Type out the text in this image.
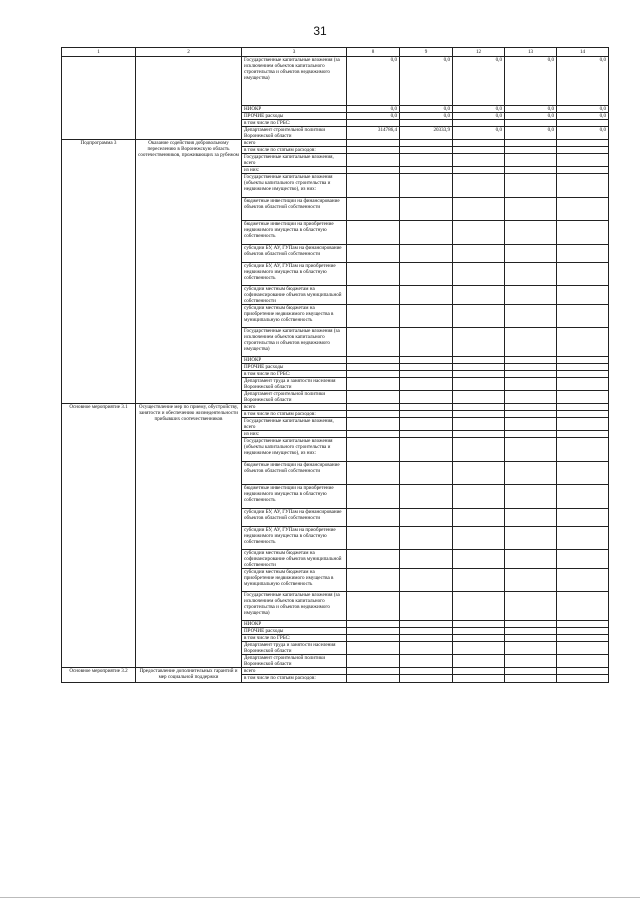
31
1	2	3	8	9	12	13	14
		Государственные капитальные вложения (за исключением объектов капитального строительства и объектов недвижимого имущества)	0,0	0,0	0,0	0,0	0,0
		НИОКР	0,0	0,0	0,0	0,0	0,0
		ПРОЧИЕ расходы	0,0	0,0	0,0	0,0	0,0
		в том числе по ГРБС:					
		Департамент строительной политики Воронежской области	314786,4	20333,9	0,0	0,0	0,0
Подпрограмма 3	Оказание содействия добровольному переселению в Воронежскую область соотечественников, проживающих за рубежом	всего					
		в том числе по статьям расходов:					
		Государственные капитальные вложения, всего					
		из них:					
		Государственные капитальные вложения (объекты капитального строительства и недвижимое имущество), из них:					
		бюджетные инвестиции на финансирование объектов областной собственности					
		бюджетные инвестиции на приобретение недвижимого имущества в областную собственность					
		субсидии БУ, АУ, ГУПам на финансирование объектов областной собственности					
		субсидии БУ, АУ, ГУПам на приобретение недвижимого имущества в областную собственность					
		субсидии местным бюджетам на софинансирование объектов муниципальной собственности					
		субсидии местным бюджетам на приобретение недвижимого имущества в муниципальную собственность					
		Государственные капитальные вложения (за исключением объектов капитального строительства и объектов недвижимого имущества)					
		НИОКР					
		ПРОЧИЕ расходы					
		в том числе по ГРБС:					
		Департамент труда и занятости населения Воронежской области					
		Департамент строительной политики Воронежской области					
Основное мероприятие 3.1	Осуществление мер по приему, обустройству, занятости и обеспечению жизнедеятельности прибывших соотечественников	всего					
		в том числе по статьям расходов:					
		Государственные капитальные вложения, всего					
		из них:					
		Государственные капитальные вложения (объекты капитального строительства и недвижимое имущество), из них:					
		бюджетные инвестиции на финансирование объектов областной собственности					
		бюджетные инвестиции на приобретение недвижимого имущества в областную собственность					
		субсидии БУ, АУ, ГУПам на финансирование объектов областной собственности					
		субсидии БУ, АУ, ГУПам на приобретение недвижимого имущества в областную собственность					
		субсидии местным бюджетам на софинансирование объектов муниципальной собственности					
		субсидии местным бюджетам на приобретение недвижимого имущества в муниципальную собственность					
		Государственные капитальные вложения (за исключением объектов капитального строительства и объектов недвижимого имущества)					
		НИОКР					
		ПРОЧИЕ расходы					
		в том числе по ГРБС:					
		Департамент труда и занятости населения Воронежской области					
		Департамент строительной политики Воронежской области					
Основное мероприятие 3.2	Предоставление дополнительных гарантий и мер социальной поддержки	всего					
		в том числе по статьям расходов:					
